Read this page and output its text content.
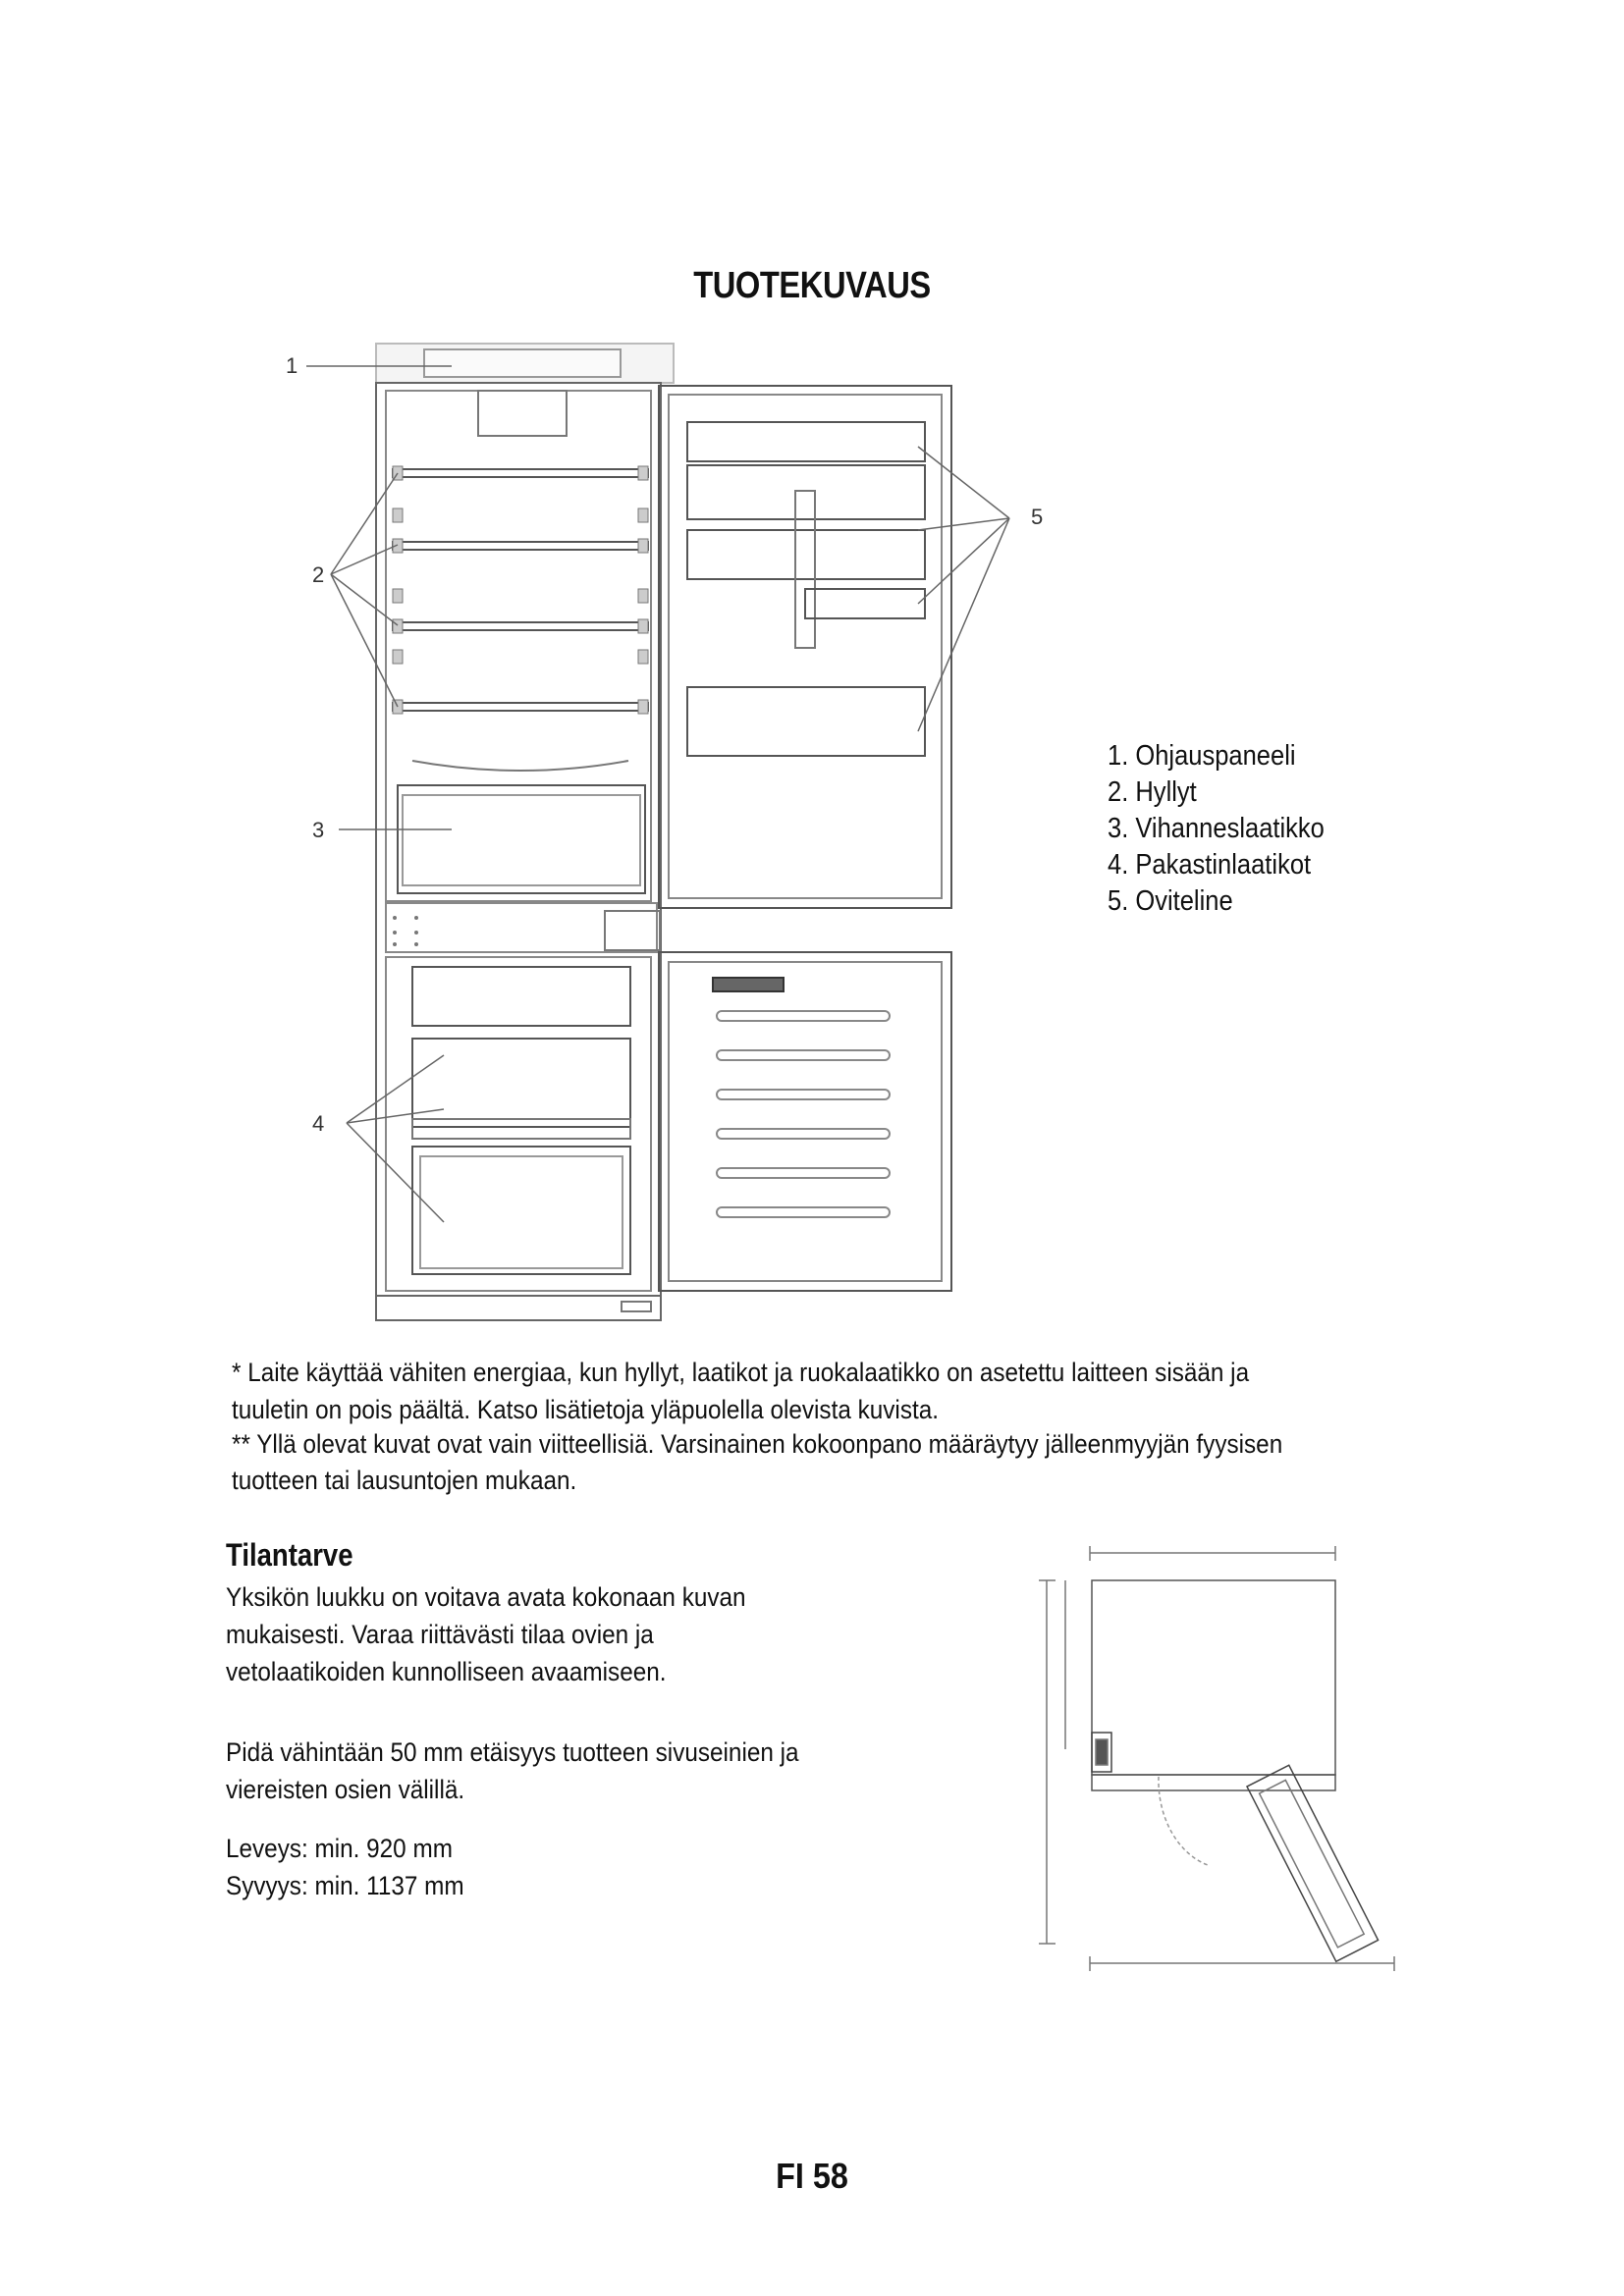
TUOTEKUVAUS
1
2
3
4
5
1. Ohjauspaneeli
2. Hyllyt
3. Vihanneslaatikko
4. Pakastinlaatikot
5. Oviteline
* Laite käyttää vähiten energiaa, kun hyllyt, laatikot ja ruokalaatikko on asetettu laitteen sisään ja
tuuletin on pois päältä. Katso lisätietoja yläpuolella olevista kuvista.
** Yllä olevat kuvat ovat vain viitteellisiä. Varsinainen kokoonpano määräytyy jälleenmyyjän fyysisen
tuotteen tai lausuntojen mukaan.
Tilantarve
Yksikön luukku on voitava avata kokonaan kuvan
mukaisesti. Varaa riittävästi tilaa ovien ja
vetolaatikoiden kunnolliseen avaamiseen.
Pidä vähintään 50 mm etäisyys tuotteen sivuseinien ja
viereisten osien välillä.
Leveys: min. 920 mm
Syvyys: min. 1137 mm
FI 58
